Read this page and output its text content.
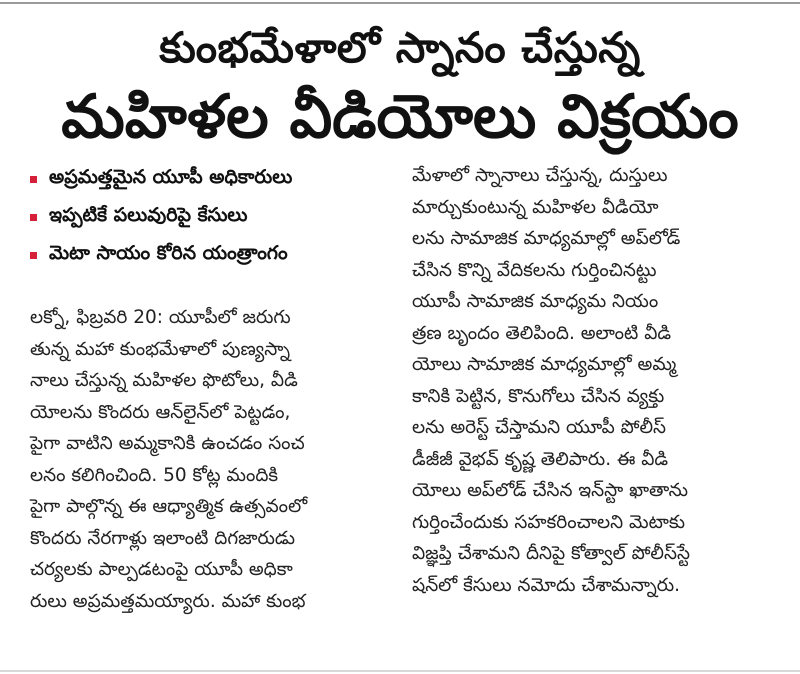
కుంభమేళాలో స్నానం చేస్తున్న
మహిళల వీడియోలు విక్రయం
అప్రమత్తమైన యూపీ అధికారులు
ఇప్పటికే పలువురిపై కేసులు
మెటా సాయం కోరిన యంత్రాంగం
లక్నో, ఫిబ్రవరి 20: యూపీలో జరుగు
తున్న మహా కుంభమేళాలో పుణ్యస్నా
నాలు చేస్తున్న మహిళల ఫొటోలు, వీడి
యోలను కొందరు ఆన్‌లైన్‌లో పెట్టడం,
పైగా వాటిని అమ్మకానికి ఉంచడం సంచ
లనం కలిగించింది. 50 కోట్ల మందికి
పైగా పాల్గొన్న ఈ ఆధ్యాత్మిక ఉత్సవంలో
కొందరు నేరగాళ్లు ఇలాంటి దిగజారుడు
చర్యలకు పాల్పడటంపై యూపీ అధికా
రులు అప్రమత్తమయ్యారు. మహా కుంభ
మేళాలో స్నానాలు చేస్తున్న, దుస్తులు
మార్చుకుంటున్న మహిళల వీడియో
లను సామాజిక మాధ్యమాల్లో అప్‌లోడ్
చేసిన కొన్ని వేదికలను గుర్తించినట్టు
యూపీ సామాజిక మాధ్యమ నియం
త్రణ బృందం తెలిపింది. అలాంటి వీడి
యోలు సామాజిక మాధ్యమాల్లో అమ్మ
కానికి పెట్టిన, కొనుగోలు చేసిన వ్యక్తు
లను అరెస్ట్ చేస్తామని యూపీ పోలీస్
డీజీజీ వైభవ్ కృష్ణ తెలిపారు. ఈ వీడి
యోలు అప్‌లోడ్ చేసిన ఇన్‌స్టా ఖాతాను
గుర్తించేందుకు సహకరించాలని మెటాకు
విజ్ఞప్తి చేశామని దీనిపై కోత్వాల్ పోలీస్‌స్టే
షన్‌లో కేసులు నమోదు చేశామన్నారు.
